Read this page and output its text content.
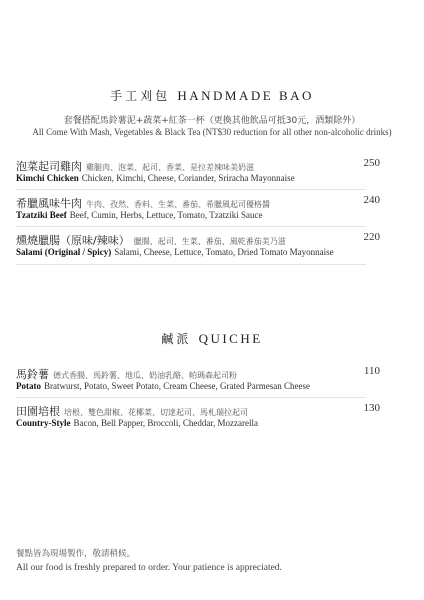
手工刈包 HANDMADE BAO
套餐搭配馬鈴薯泥+蔬菜+紅茶一杯（更換其他飲品可抵30元，酒類除外）
All Come With Mash, Vegetables & Black Tea (NT$30 reduction for all other non-alcoholic drinks)
泡菜起司雞肉 雞腿肉、泡菜、起司、香菜、是拉差辣味美奶滋	250
Kimchi Chicken Chicken, Kimchi, Cheese, Coriander, Sriracha Mayonnaise
希臘風味牛肉 牛肉、孜然、香料、生菜、番茄、希臘風起司優格醬	240
Tzatziki Beef Beef, Cumin, Herbs, Lettuce, Tomato, Tzatziki Sauce
燻燒臘腸（原味/辣味） 臘腸、起司、生菜、番茄、風乾番茄美乃滋	220
Salami (Original / Spicy) Salami, Cheese, Lettuce, Tomato, Dried Tomato Mayonnaise
鹹派 QUICHE
馬鈴薯 德式香腸、馬鈴薯、地瓜、奶油乳酪、帕瑪森起司粉	110
Potato Bratwurst, Potato, Sweet Potato, Cream Cheese, Grated Parmesan Cheese
田園培根 培根、雙色甜椒、花椰菜、切達起司、馬札瑞拉起司	130
Country-Style Bacon, Bell Papper, Broccoli, Cheddar, Mozzarella
餐點皆為現場製作，敬請稍候。
All our food is freshly prepared to order. Your patience is appreciated.
